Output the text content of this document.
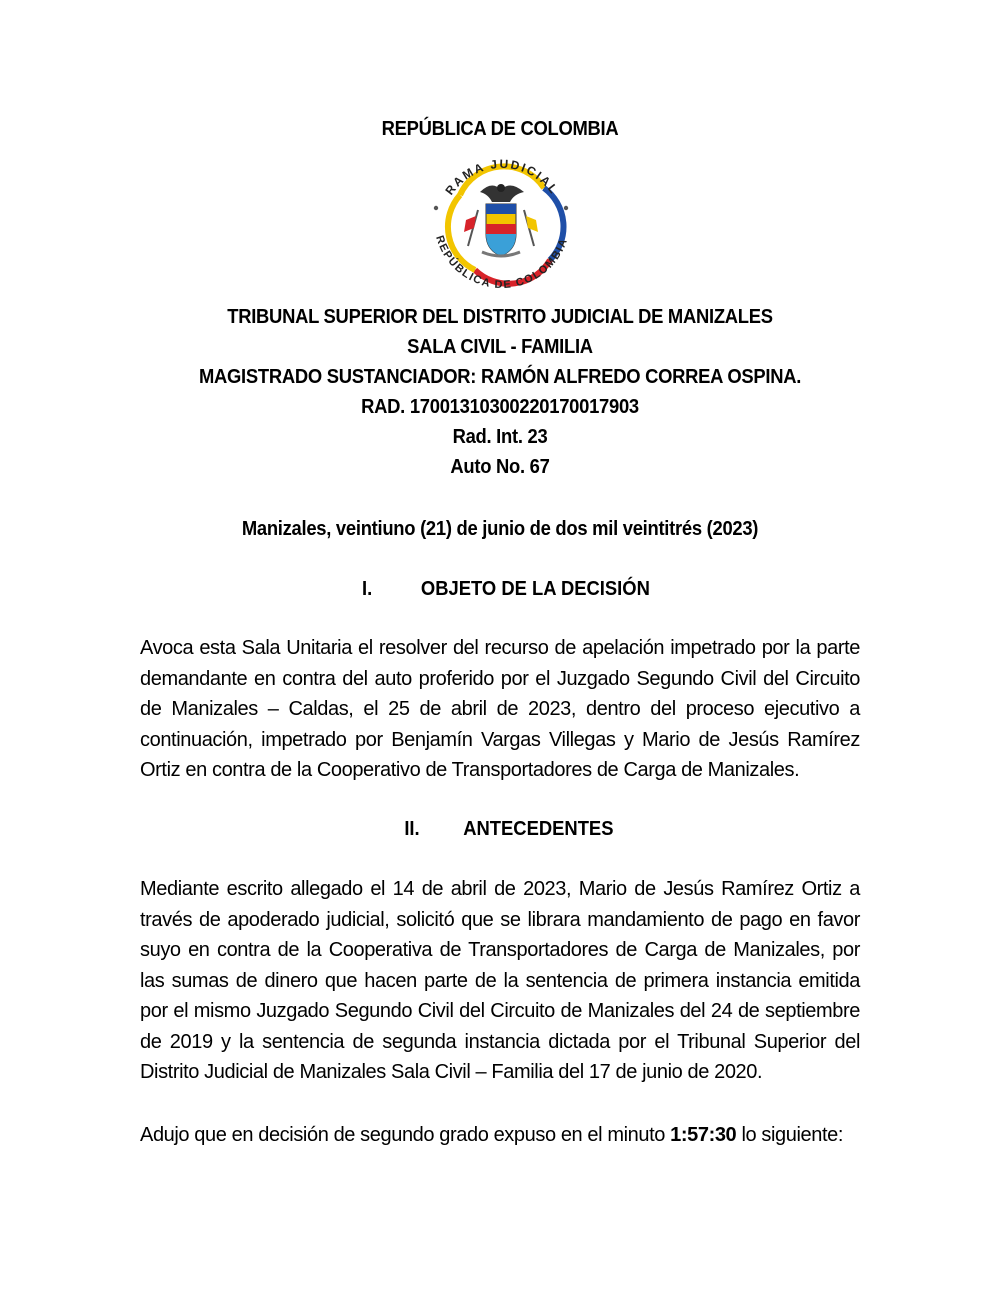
REPÚBLICA DE COLOMBIA
RAMA JUDICIAL
REPÚBLICA DE COLOMBIA
TRIBUNAL SUPERIOR DEL DISTRITO JUDICIAL DE MANIZALES
SALA CIVIL - FAMILIA
MAGISTRADO SUSTANCIADOR: RAMÓN ALFREDO CORREA OSPINA.
RAD. 17001310300220170017903
Rad. Int. 23
Auto No. 67
Manizales, veintiuno (21) de junio de dos mil veintitrés (2023)
I. OBJETO DE LA DECISIÓN
Avoca esta Sala Unitaria el resolver del recurso de apelación impetrado por la parte demandante en contra del auto proferido por el Juzgado Segundo Civil del Circuito de Manizales – Caldas, el 25 de abril de 2023, dentro del proceso ejecutivo a continuación, impetrado por Benjamín Vargas Villegas y Mario de Jesús Ramírez Ortiz en contra de la Cooperativo de Transportadores de Carga de Manizales.
II. ANTECEDENTES
Mediante escrito allegado el 14 de abril de 2023, Mario de Jesús Ramírez Ortiz a través de apoderado judicial, solicitó que se librara mandamiento de pago en favor suyo en contra de la Cooperativa de Transportadores de Carga de Manizales, por las sumas de dinero que hacen parte de la sentencia de primera instancia emitida por el mismo Juzgado Segundo Civil del Circuito de Manizales del 24 de septiembre de 2019 y la sentencia de segunda instancia dictada por el Tribunal Superior del Distrito Judicial de Manizales Sala Civil – Familia del 17 de junio de 2020.
Adujo que en decisión de segundo grado expuso en el minuto 1:57:30 lo siguiente:
